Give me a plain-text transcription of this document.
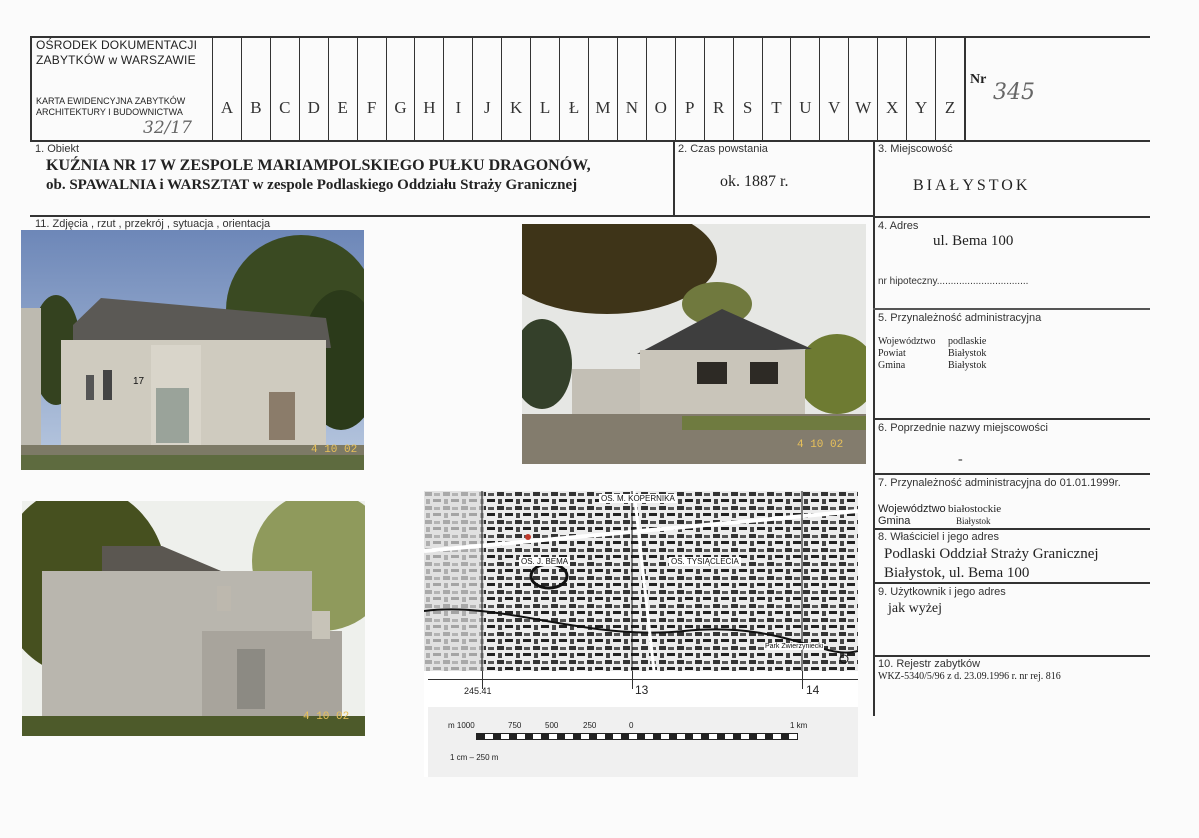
OŚRODEK DOKUMENTACJI
ZABYTKÓW w WARSZAWIE
KARTA EWIDENCYJNA ZABYTKÓW
ARCHITEKTURY I BUDOWNICTWA
32/17
A	B	C	D	E	F	G H	I	J	K	L	Ł M N O	P	R	S	T	U V W X Y	Z
Nr
345
1. Obiekt
KUŹNIA NR 17 W ZESPOLE MARIAMPOLSKIEGO PUŁKU DRAGONÓW,
ob. SPAWALNIA i WARSZTAT w zespole Podlaskiego Oddziału Straży Granicznej
2. Czas powstania
ok. 1887 r.
3. Miejscowość
BIAŁYSTOK
11. Zdjęcia , rzut , przekrój , sytuacja , orientacja	4. Adres
ul. Bema 100
nr hipoteczny.................................
5. Przynależność administracyjna
Województwo podlaskie
Powiat	Białystok
Gmina	Białystok
6. Poprzednie nazwy miejscowości
-
7. Przynależność administracyjna do 01.01.1999r.
Województwo białostockie
Gmina	Białystok
8. Właściciel i jego adres
Podlaski Oddział Straży Granicznej
Białystok, ul. Bema 100
9. Użytkownik i jego adres
jak wyżej
10. Rejestr zabytków
WKZ-5340/5/96 z d. 23.09.1996 r. nr rej. 816
17
4 10 02	4 10 02
4 10 02
OS. M. KOPERNIKA
OS. J. BEMA	OS. TYSIĄCLECIA
Park Zwierzyniecki
245.41	13	14
m 1000	750	500	250	0	1 km
1 cm – 250 m
